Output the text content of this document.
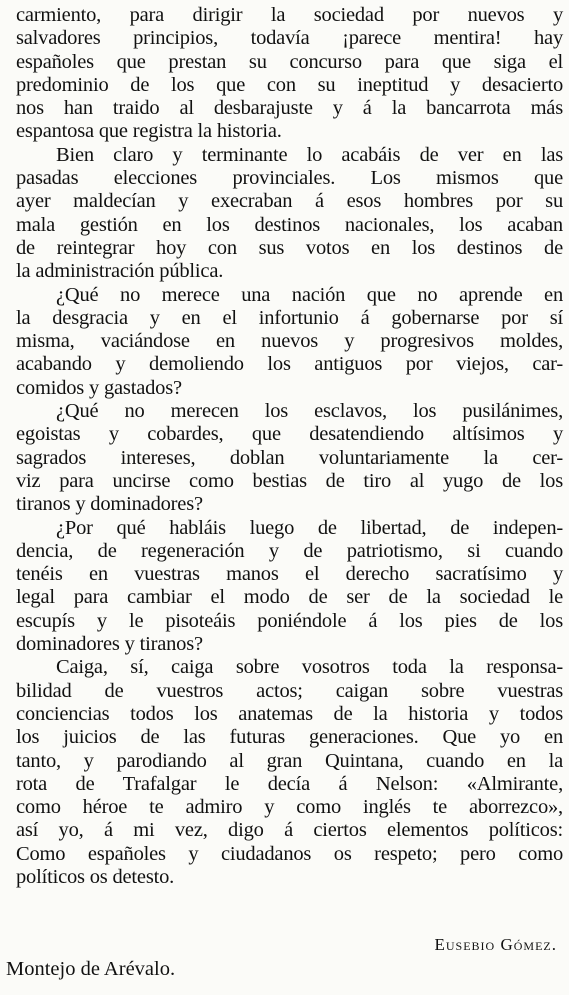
carmiento, para dirigir la sociedad por nuevos y
salvadores principios, todavía ¡parece mentira! hay
españoles que prestan su concurso para que siga el
predominio de los que con su ineptitud y desacierto
nos han traido al desbarajuste y á la bancarrota más
espantosa que registra la historia.
Bien claro y terminante lo acabáis de ver en las
pasadas elecciones provinciales. Los mismos que
ayer maldecían y execraban á esos hombres por su
mala gestión en los destinos nacionales, los acaban
de reintegrar hoy con sus votos en los destinos de
la administración pública.
¿Qué no merece una nación que no aprende en
la desgracia y en el infortunio á gobernarse por sí
misma, vaciándose en nuevos y progresivos moldes,
acabando y demoliendo los antiguos por viejos, car-
comidos y gastados?
¿Qué no merecen los esclavos, los pusilánimes,
egoistas y cobardes, que desatendiendo altísimos y
sagrados intereses, doblan voluntariamente la cer-
viz para uncirse como bestias de tiro al yugo de los
tiranos y dominadores?
¿Por qué habláis luego de libertad, de indepen-
dencia, de regeneración y de patriotismo, si cuando
tenéis en vuestras manos el derecho sacratísimo y
legal para cambiar el modo de ser de la sociedad le
escupís y le pisoteáis poniéndole á los pies de los
dominadores y tiranos?
Caiga, sí, caiga sobre vosotros toda la responsa-
bilidad de vuestros actos; caigan sobre vuestras
conciencias todos los anatemas de la historia y todos
los juicios de las futuras generaciones. Que yo en
tanto, y parodiando al gran Quintana, cuando en la
rota de Trafalgar le decía á Nelson: «Almirante,
como héroe te admiro y como inglés te aborrezco»,
así yo, á mi vez, digo á ciertos elementos políticos:
Como españoles y ciudadanos os respeto; pero como
políticos os detesto.
Eusebio Gómez.
Montejo de Arévalo.
